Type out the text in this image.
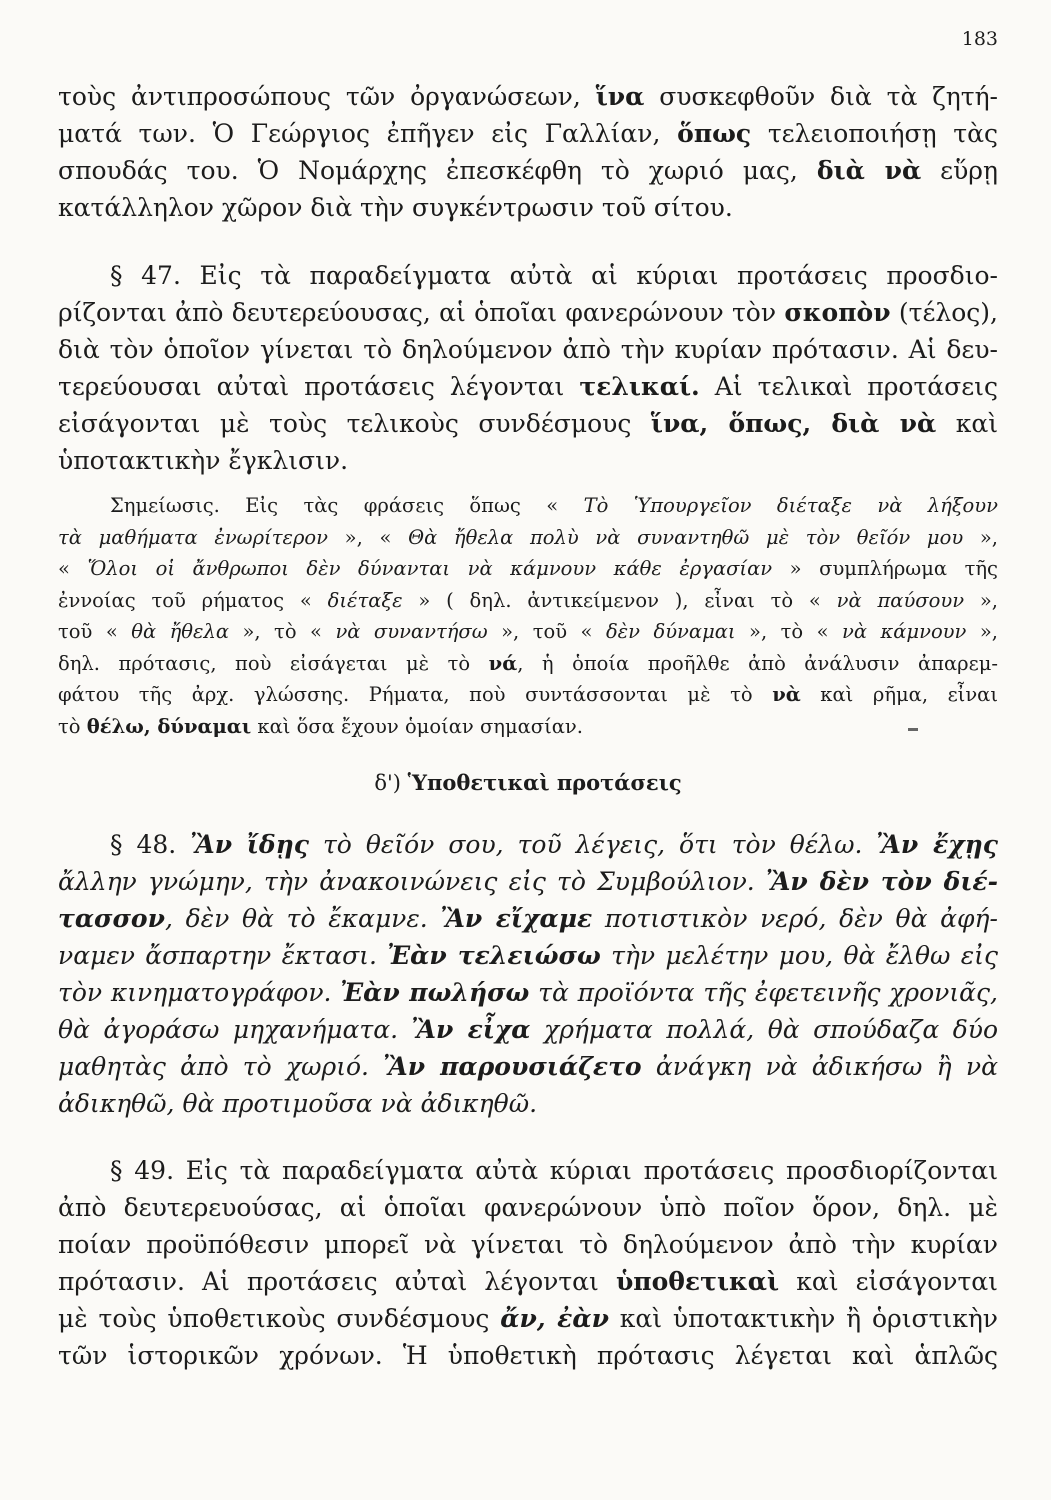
183
τοὺς ἀντιπροσώπους τῶν ὀργανώσεων, ἵνα συσκεφθοῦν διὰ τὰ ζητή-
ματά των. Ὁ Γεώργιος ἐπῆγεν εἰς Γαλλίαν, ὅπως τελειοποιήσῃ τὰς
σπουδάς του. Ὁ Νομάρχης ἐπεσκέφθη τὸ χωριό μας, διὰ νὰ εὕρῃ
κατάλληλον χῶρον διὰ τὴν συγκέντρωσιν τοῦ σίτου.
§ 47. Εἰς τὰ παραδείγματα αὐτὰ αἱ κύριαι προτάσεις προσδιο-
ρίζονται ἀπὸ δευτερεύουσας, αἱ ὁποῖαι φανερώνουν τὸν σκοπὸν (τέλος),
διὰ τὸν ὁποῖον γίνεται τὸ δηλούμενον ἀπὸ τὴν κυρίαν πρότασιν. Αἱ δευ-
τερεύουσαι αὐταὶ προτάσεις λέγονται τελικαί. Αἱ τελικαὶ προτάσεις
εἰσάγονται μὲ τοὺς τελικοὺς συνδέσμους ἵνα, ὅπως, διὰ νὰ καὶ
ὑποτακτικὴν ἔγκλισιν.
Σημείωσις. Εἰς τὰς φράσεις ὅπως « Τὸ Ὑπουργεῖον διέταξε νὰ λήξουν
τὰ μαθήματα ἐνωρίτερον », « Θὰ ἤθελα πολὺ νὰ συναντηθῶ μὲ τὸν θεῖόν μου »,
« Ὅλοι οἱ ἄνθρωποι δὲν δύνανται νὰ κάμνουν κάθε ἐργασίαν » συμπλήρωμα τῆς
ἐννοίας τοῦ ρήματος « διέταξε » ( δηλ. ἀντικείμενον ), εἶναι τὸ « νὰ παύσουν »,
τοῦ « θὰ ἤθελα », τὸ « νὰ συναντήσω », τοῦ « δὲν δύναμαι », τὸ « νὰ κάμνουν »,
δηλ. πρότασις, ποὺ εἰσάγεται μὲ τὸ νά, ἡ ὁποία προῆλθε ἀπὸ ἀνάλυσιν ἀπαρεμ-
φάτου τῆς ἀρχ. γλώσσης. Ρήματα, ποὺ συντάσσονται μὲ τὸ νὰ καὶ ρῆμα, εἶναι
τὸ θέλω, δύναμαι καὶ ὅσα ἔχουν ὁμοίαν σημασίαν.
δ') Ὑποθετικαὶ προτάσεις
§ 48. Ἂν ἴδῃς τὸ θεῖόν σου, τοῦ λέγεις, ὅτι τὸν θέλω. Ἂν ἔχῃς
ἄλλην γνώμην, τὴν ἀνακοινώνεις εἰς τὸ Συμβούλιον. Ἂν δὲν τὸν διέ-
τασσον, δὲν θὰ τὸ ἔκαμνε. Ἂν εἴχαμε ποτιστικὸν νερό, δὲν θὰ ἀφή-
ναμεν ἄσπαρτην ἔκτασι. Ἐὰν τελειώσω τὴν μελέτην μου, θὰ ἔλθω εἰς
τὸν κινηματογράφον. Ἐὰν πωλήσω τὰ προϊόντα τῆς ἐφετεινῆς χρονιᾶς,
θὰ ἀγοράσω μηχανήματα. Ἂν εἶχα χρήματα πολλά, θὰ σπούδαζα δύο
μαθητὰς ἀπὸ τὸ χωριό. Ἂν παρουσιάζετο ἀνάγκη νὰ ἀδικήσω ἢ νὰ
ἀδικηθῶ, θὰ προτιμοῦσα νὰ ἀδικηθῶ.
§ 49. Εἰς τὰ παραδείγματα αὐτὰ κύριαι προτάσεις προσδιορίζονται
ἀπὸ δευτερευούσας, αἱ ὁποῖαι φανερώνουν ὑπὸ ποῖον ὅρον, δηλ. μὲ
ποίαν προϋπόθεσιν μπορεῖ νὰ γίνεται τὸ δηλούμενον ἀπὸ τὴν κυρίαν
πρότασιν. Αἱ προτάσεις αὐταὶ λέγονται ὑποθετικαὶ καὶ εἰσάγονται
μὲ τοὺς ὑποθετικοὺς συνδέσμους ἄν, ἐὰν καὶ ὑποτακτικὴν ἢ ὁριστικὴν
τῶν ἱστορικῶν χρόνων. Ἡ ὑποθετικὴ πρότασις λέγεται καὶ ἁπλῶς
